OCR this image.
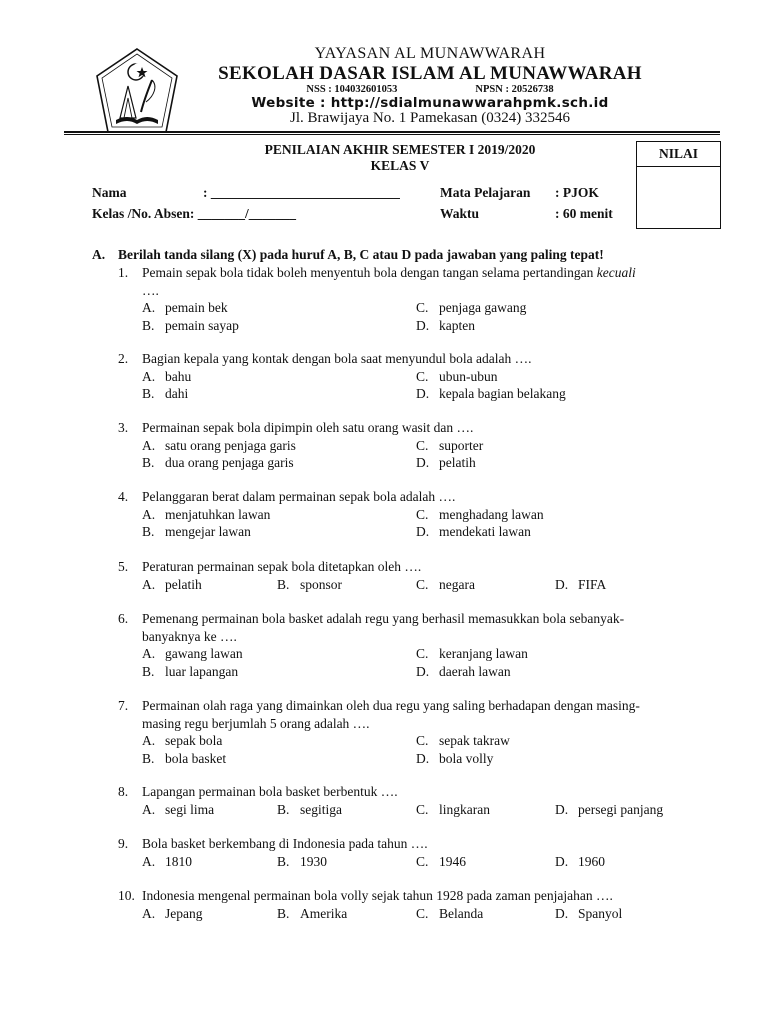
YAYASAN AL MUNAWWARAH
SEKOLAH DASAR ISLAM AL MUNAWWARAH
NSS : 104032601053	NPSN : 20526738
Website : http://sdialmunawwarahpmk.sch.id
Jl. Brawijaya No. 1 Pamekasan (0324) 332546
PENILAIAN AKHIR SEMESTER I 2019/2020
KELAS V
NILAI
Nama	: ____________________________
Kelas /No. Absen: _______/_______
Mata Pelajaran : PJOK
Waktu	: 60 menit
A. Berilah tanda silang (X) pada huruf A, B, C atau D pada jawaban yang paling tepat!
1. Pemain sepak bola tidak boleh menyentuh bola dengan tangan selama pertandingan kecuali
….
A. pemain bek	C. penjaga gawang
B. pemain sayap	D. kapten
2. Bagian kepala yang kontak dengan bola saat menyundul bola adalah ….
A. bahu	C. ubun-ubun
B. dahi	D. kepala bagian belakang
3. Permainan sepak bola dipimpin oleh satu orang wasit dan ….
A. satu orang penjaga garis	C. suporter
B. dua orang penjaga garis	D. pelatih
4. Pelanggaran berat dalam permainan sepak bola adalah ….
A. menjatuhkan lawan	C. menghadang lawan
B. mengejar lawan	D. mendekati lawan
5. Peraturan permainan sepak bola ditetapkan oleh ….
A. pelatih	B. sponsor	C. negara	D. FIFA
6. Pemenang permainan bola basket adalah regu yang berhasil memasukkan bola sebanyak-
banyaknya ke ….
A. gawang lawan	C. keranjang lawan
B. luar lapangan	D. daerah lawan
7. Permainan olah raga yang dimainkan oleh dua regu yang saling berhadapan dengan masing-
masing regu berjumlah 5 orang adalah ….
A. sepak bola	C. sepak takraw
B. bola basket	D. bola volly
8. Lapangan permainan bola basket berbentuk ….
A. segi lima	B. segitiga	C. lingkaran	D. persegi panjang
9. Bola basket berkembang di Indonesia pada tahun ….
A. 1810	B. 1930	C. 1946	D. 1960
10. Indonesia mengenal permainan bola volly sejak tahun 1928 pada zaman penjajahan ….
A. Jepang	B. Amerika	C. Belanda	D. Spanyol
